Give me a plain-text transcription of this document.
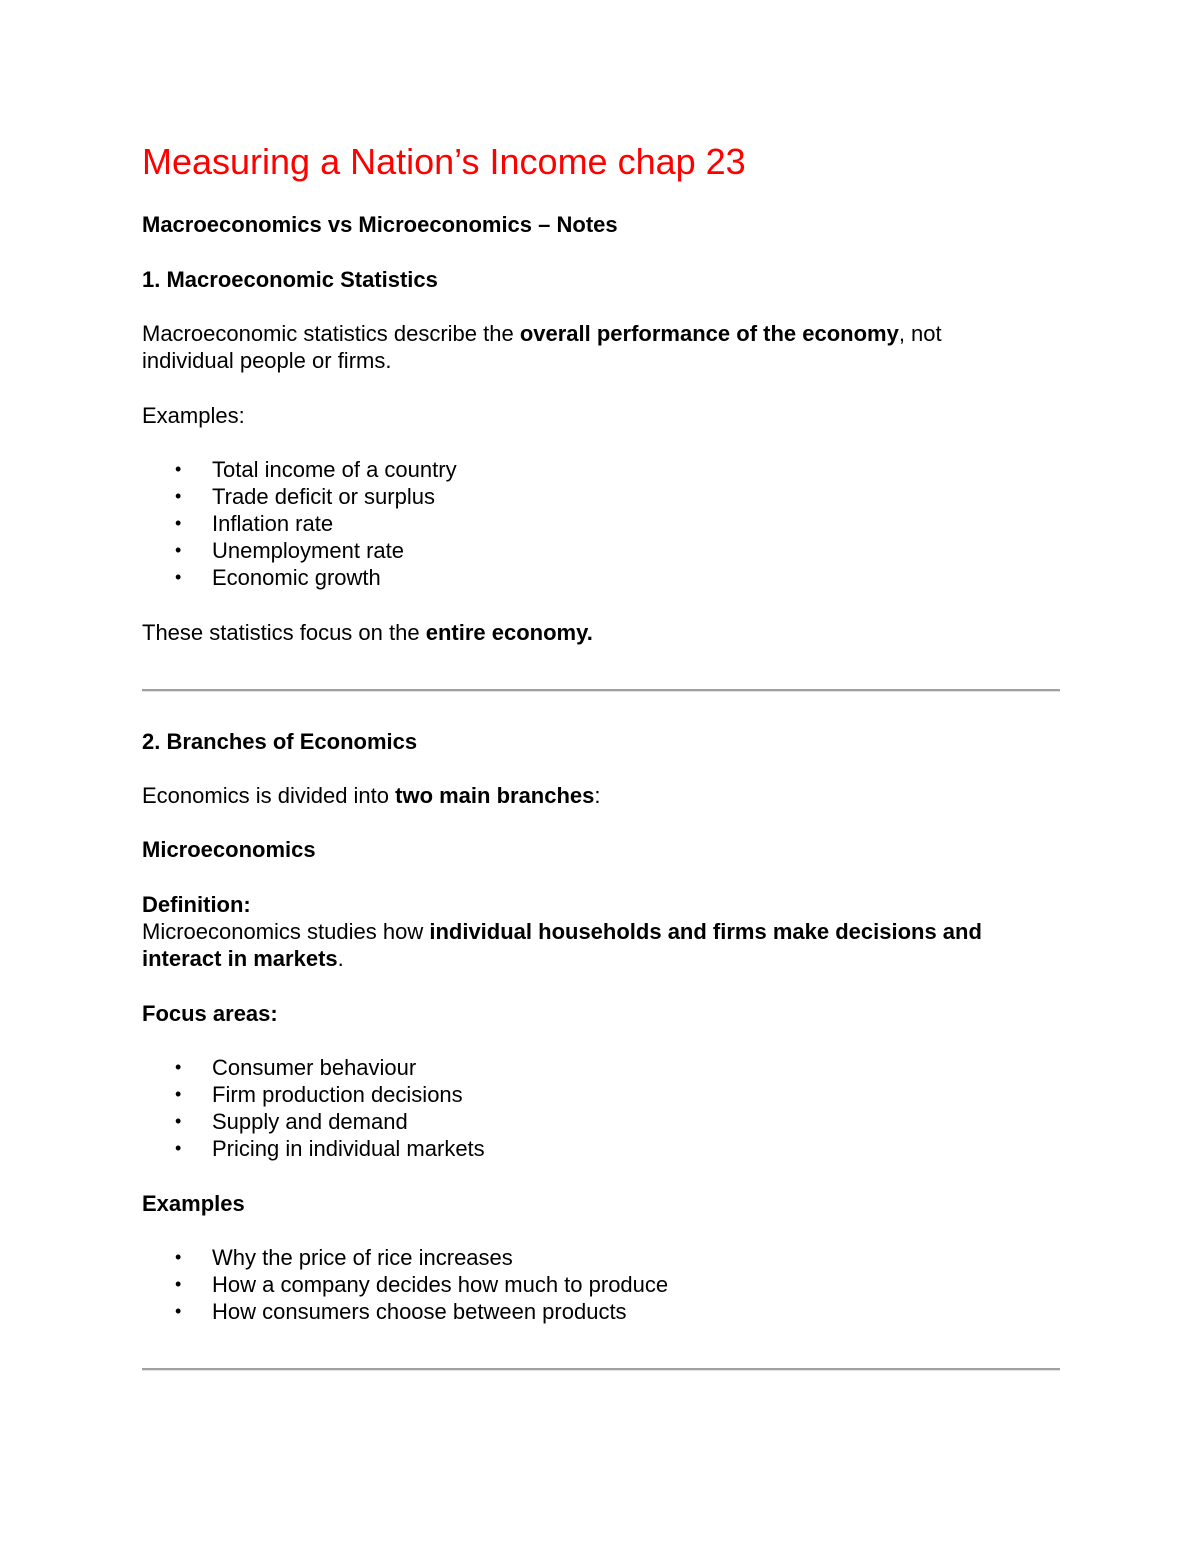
Measuring a Nation’s Income chap 23
Macroeconomics vs Microeconomics – Notes
1. Macroeconomic Statistics
Macroeconomic statistics describe the overall performance of the economy, not
individual people or firms.
Examples:
• Total income of a country
• Trade deficit or surplus
• Inflation rate
• Unemployment rate
• Economic growth
These statistics focus on the entire economy.
2. Branches of Economics
Economics is divided into two main branches:
Microeconomics
Definition:
Microeconomics studies how individual households and firms make decisions and
interact in markets.
Focus areas:
• Consumer behaviour
• Firm production decisions
• Supply and demand
• Pricing in individual markets
Examples
• Why the price of rice increases
• How a company decides how much to produce
• How consumers choose between products
